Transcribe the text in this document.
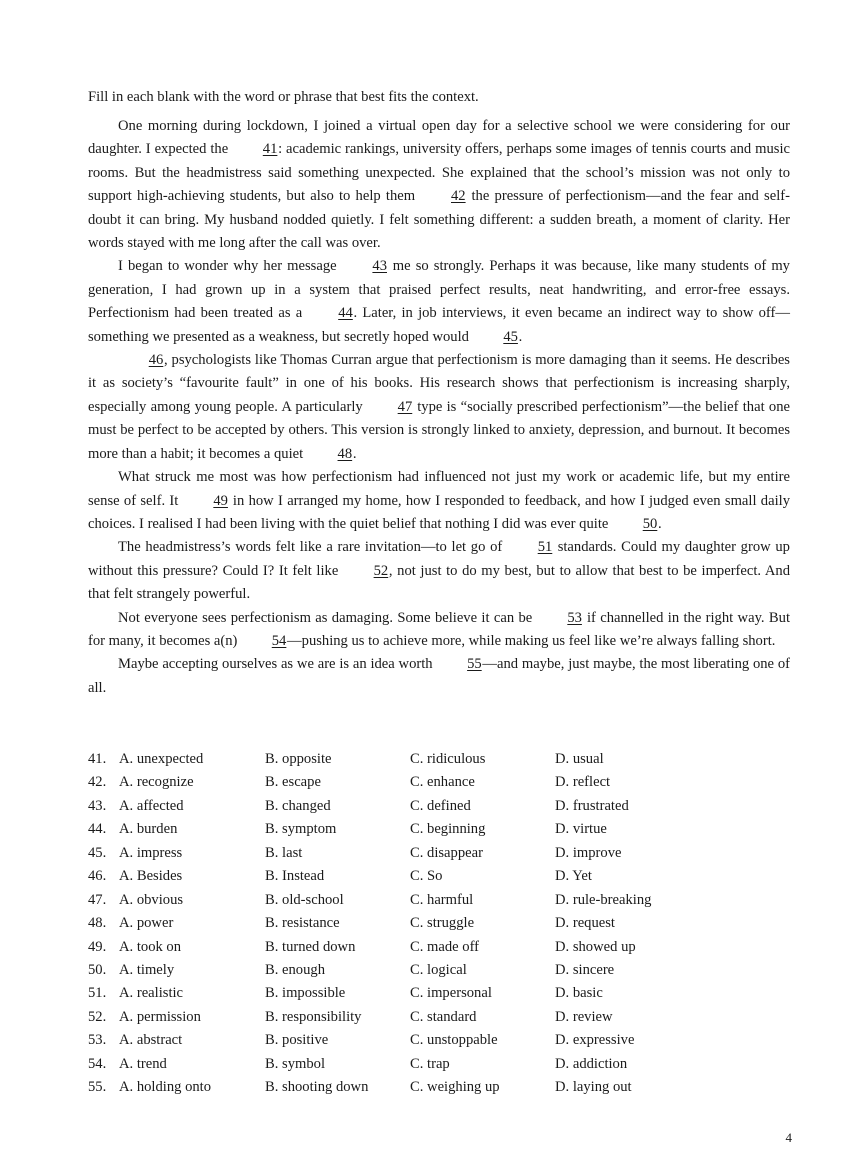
Fill in each blank with the word or phrase that best fits the context.

One morning during lockdown, I joined a virtual open day for a selective school we were considering for our daughter. I expected the 41: academic rankings, university offers, perhaps some images of tennis courts and music rooms. But the headmistress said something unexpected. She explained that the school’s mission was not only to support high-achieving students, but also to help them 42 the pressure of perfectionism—and the fear and self-doubt it can bring. My husband nodded quietly. I felt something different: a sudden breath, a moment of clarity. Her words stayed with me long after the call was over.

I began to wonder why her message 43 me so strongly. Perhaps it was because, like many students of my generation, I had grown up in a system that praised perfect results, neat handwriting, and error-free essays. Perfectionism had been treated as a 44. Later, in job interviews, it even became an indirect way to show off—something we presented as a weakness, but secretly hoped would 45.

46, psychologists like Thomas Curran argue that perfectionism is more damaging than it seems. He describes it as society’s “favourite fault” in one of his books. His research shows that perfectionism is increasing sharply, especially among young people. A particularly 47 type is “socially prescribed perfectionism”—the belief that one must be perfect to be accepted by others. This version is strongly linked to anxiety, depression, and burnout. It becomes more than a habit; it becomes a quiet 48.

What struck me most was how perfectionism had influenced not just my work or academic life, but my entire sense of self. It 49 in how I arranged my home, how I responded to feedback, and how I judged even small daily choices. I realised I had been living with the quiet belief that nothing I did was ever quite 50.

The headmistress’s words felt like a rare invitation—to let go of 51 standards. Could my daughter grow up without this pressure? Could I? It felt like 52, not just to do my best, but to allow that best to be imperfect. And that felt strangely powerful.

Not everyone sees perfectionism as damaging. Some believe it can be 53 if channelled in the right way. But for many, it becomes a(n) 54—pushing us to achieve more, while making us feel like we’re always falling short.

Maybe accepting ourselves as we are is an idea worth 55—and maybe, just maybe, the most liberating one of all.

41. A. unexpected	B. opposite	C. ridiculous	D. usual
42. A. recognize	B. escape	C. enhance	D. reflect
43. A. affected	B. changed	C. defined	D. frustrated
44. A. burden	B. symptom	C. beginning	D. virtue
45. A. impress	B. last	C. disappear	D. improve
46. A. Besides	B. Instead	C. So	D. Yet
47. A. obvious	B. old-school	C. harmful	D. rule-breaking
48. A. power	B. resistance	C. struggle	D. request
49. A. took on	B. turned down	C. made off	D. showed up
50. A. timely	B. enough	C. logical	D. sincere
51. A. realistic	B. impossible	C. impersonal	D. basic
52. A. permission	B. responsibility	C. standard	D. review
53. A. abstract	B. positive	C. unstoppable	D. expressive
54. A. trend	B. symbol	C. trap	D. addiction
55. A. holding onto	B. shooting down	C. weighing up	D. laying out
4
